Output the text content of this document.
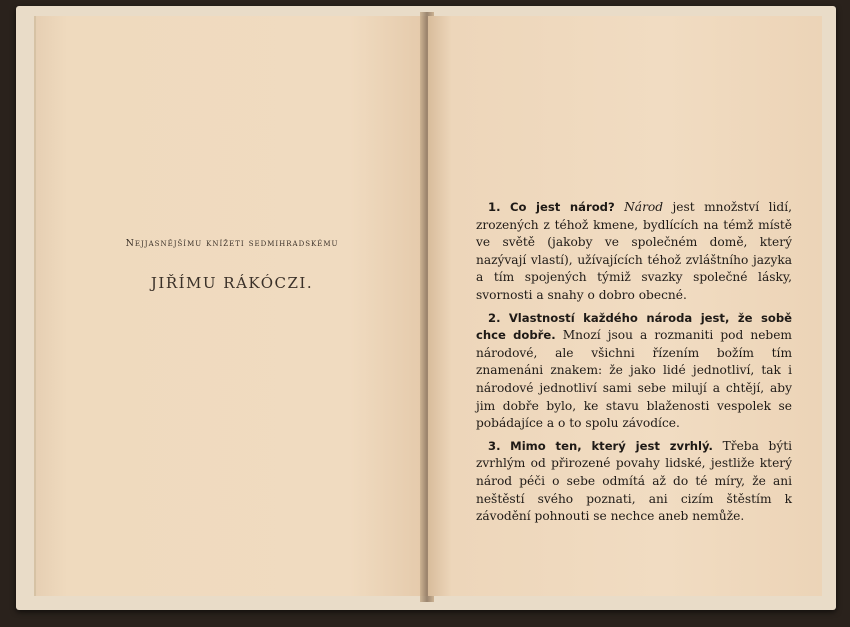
Nejjasnějšímu knížeti sedmihradskému
JIŘÍMU RÁKÓCZI.

1. Co jest národ? Národ jest množství lidí, zrozených z téhož kmene, bydlících na témž místě ve světě (jakoby ve společném domě, který nazývají vlastí), užívajících téhož zvláštního jazyka a tím spojených týmiž svazky společné lásky, svornosti a snahy o dobro obecné.

2. Vlastností každého národa jest, že sobě chce dobře. Mnozí jsou a rozmaniti pod nebem národové, ale všichni řízením božím tím znamenáni znakem: že jako lidé jednotliví, tak i národové jednotliví sami sebe milují a chtějí, aby jim dobře bylo, ke stavu blaženosti vespolek se pobádajíce a o to spolu závodíce.

3. Mimo ten, který jest zvrhlý. Třeba býti zvrhlým od přirozené povahy lidské, jestliže který národ péči o sebe odmítá až do té míry, že ani neštěstí svého poznati, ani cizím štěstím k závodění pohnouti se nechce aneb nemůže.
